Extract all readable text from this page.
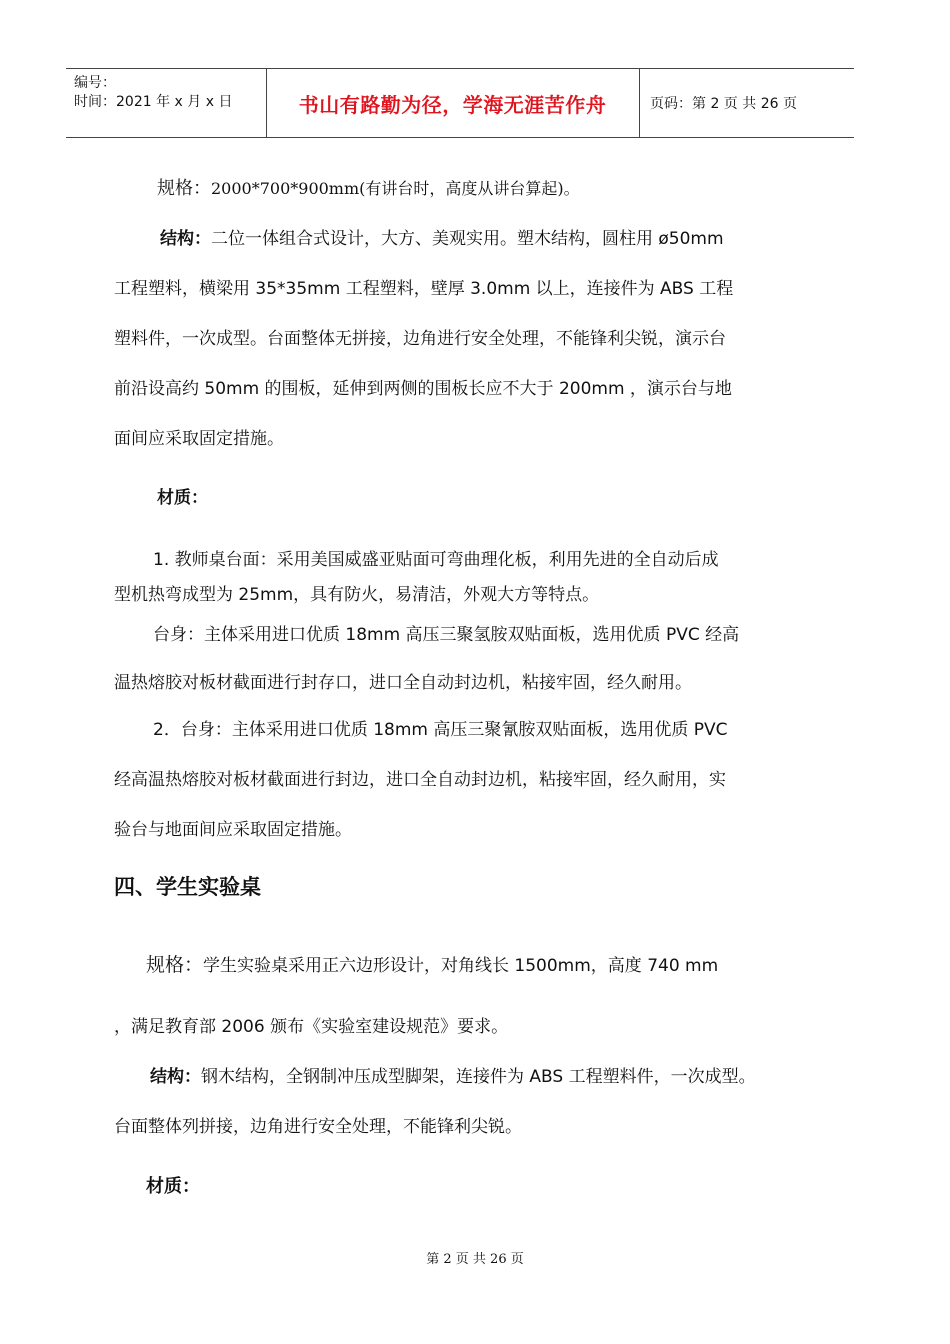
编号：
时间：2021 年 x 月 x 日	书山有路勤为径，学海无涯苦作舟	页码：第 2 页 共 26 页
规格：2000*700*900mm(有讲台时，高度从讲台算起)。
结构：二位一体组合式设计，大方、美观实用。塑木结构，圆柱用 ø50mm
工程塑料，横梁用 35*35mm 工程塑料，壁厚 3.0mm 以上，连接件为 ABS 工程
塑料件，一次成型。台面整体无拼接，边角进行安全处理，不能锋利尖锐，演示台
前沿设高约 50mm 的围板，延伸到两侧的围板长应不大于 200mm ，演示台与地
面间应采取固定措施。
材质：
1. 教师桌台面：采用美国威盛亚贴面可弯曲理化板，利用先进的全自动后成
型机热弯成型为 25mm，具有防火，易清洁，外观大方等特点。
台身：主体采用进口优质 18mm 高压三聚氢胺双贴面板，选用优质 PVC 经高
温热熔胶对板材截面进行封存口，进口全自动封边机，粘接牢固，经久耐用。
2．台身：主体采用进口优质 18mm 高压三聚氰胺双贴面板，选用优质 PVC
经高温热熔胶对板材截面进行封边，进口全自动封边机，粘接牢固，经久耐用，实
验台与地面间应采取固定措施。
四、学生实验桌
规格：学生实验桌采用正六边形设计，对角线长 1500mm，高度 740 mm
，满足教育部 2006 颁布《实验室建设规范》要求。
结构：钢木结构，全钢制冲压成型脚架，连接件为 ABS 工程塑料件，一次成型。
台面整体列拼接，边角进行安全处理，不能锋利尖锐。
材质：
第 2 页 共 26 页
